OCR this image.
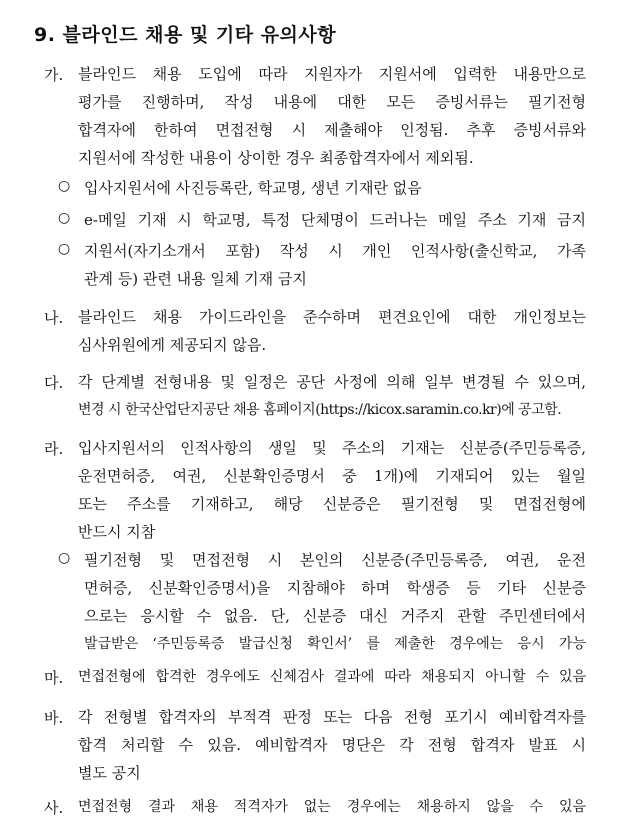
9. 블라인드 채용 및 기타 유의사항
가. 블라인드 채용 도입에 따라 지원자가 지원서에 입력한 내용만으로
평가를 진행하며, 작성 내용에 대한 모든 증빙서류는 필기전형
합격자에 한하여 면접전형 시 제출해야 인정됨. 추후 증빙서류와
지원서에 작성한 내용이 상이한 경우 최종합격자에서 제외됨.
○ 입사지원서에 사진등록란, 학교명, 생년 기재란 없음
○ e-메일 기재 시 학교명, 특정 단체명이 드러나는 메일 주소 기재 금지
○ 지원서(자기소개서 포함) 작성 시 개인 인적사항(출신학교, 가족
관계 등) 관련 내용 일체 기재 금지
나. 블라인드 채용 가이드라인을 준수하며 편견요인에 대한 개인정보는
심사위원에게 제공되지 않음.
다. 각 단계별 전형내용 및 일정은 공단 사정에 의해 일부 변경될 수 있으며,
변경 시 한국산업단지공단 채용 홈페이지(https://kicox.saramin.co.kr)에 공고함.
라. 입사지원서의 인적사항의 생일 및 주소의 기재는 신분증(주민등록증,
운전면허증, 여권, 신분확인증명서 중 1개)에 기재되어 있는 월일
또는 주소를 기재하고, 해당 신분증은 필기전형 및 면접전형에
반드시 지참
○ 필기전형 및 면접전형 시 본인의 신분증(주민등록증, 여권, 운전
면허증, 신분확인증명서)을 지참해야 하며 학생증 등 기타 신분증
으로는 응시할 수 없음. 단, 신분증 대신 거주지 관할 주민센터에서
발급받은 ‘주민등록증 발급신청 확인서’ 를 제출한 경우에는 응시 가능
마. 면접전형에 합격한 경우에도 신체검사 결과에 따라 채용되지 아니할 수 있음
바. 각 전형별 합격자의 부적격 판정 또는 다음 전형 포기시 예비합격자를
합격 처리할 수 있음. 예비합격자 명단은 각 전형 합격자 발표 시
별도 공지
사. 면접전형 결과 채용 적격자가 없는 경우에는 채용하지 않을 수 있음
